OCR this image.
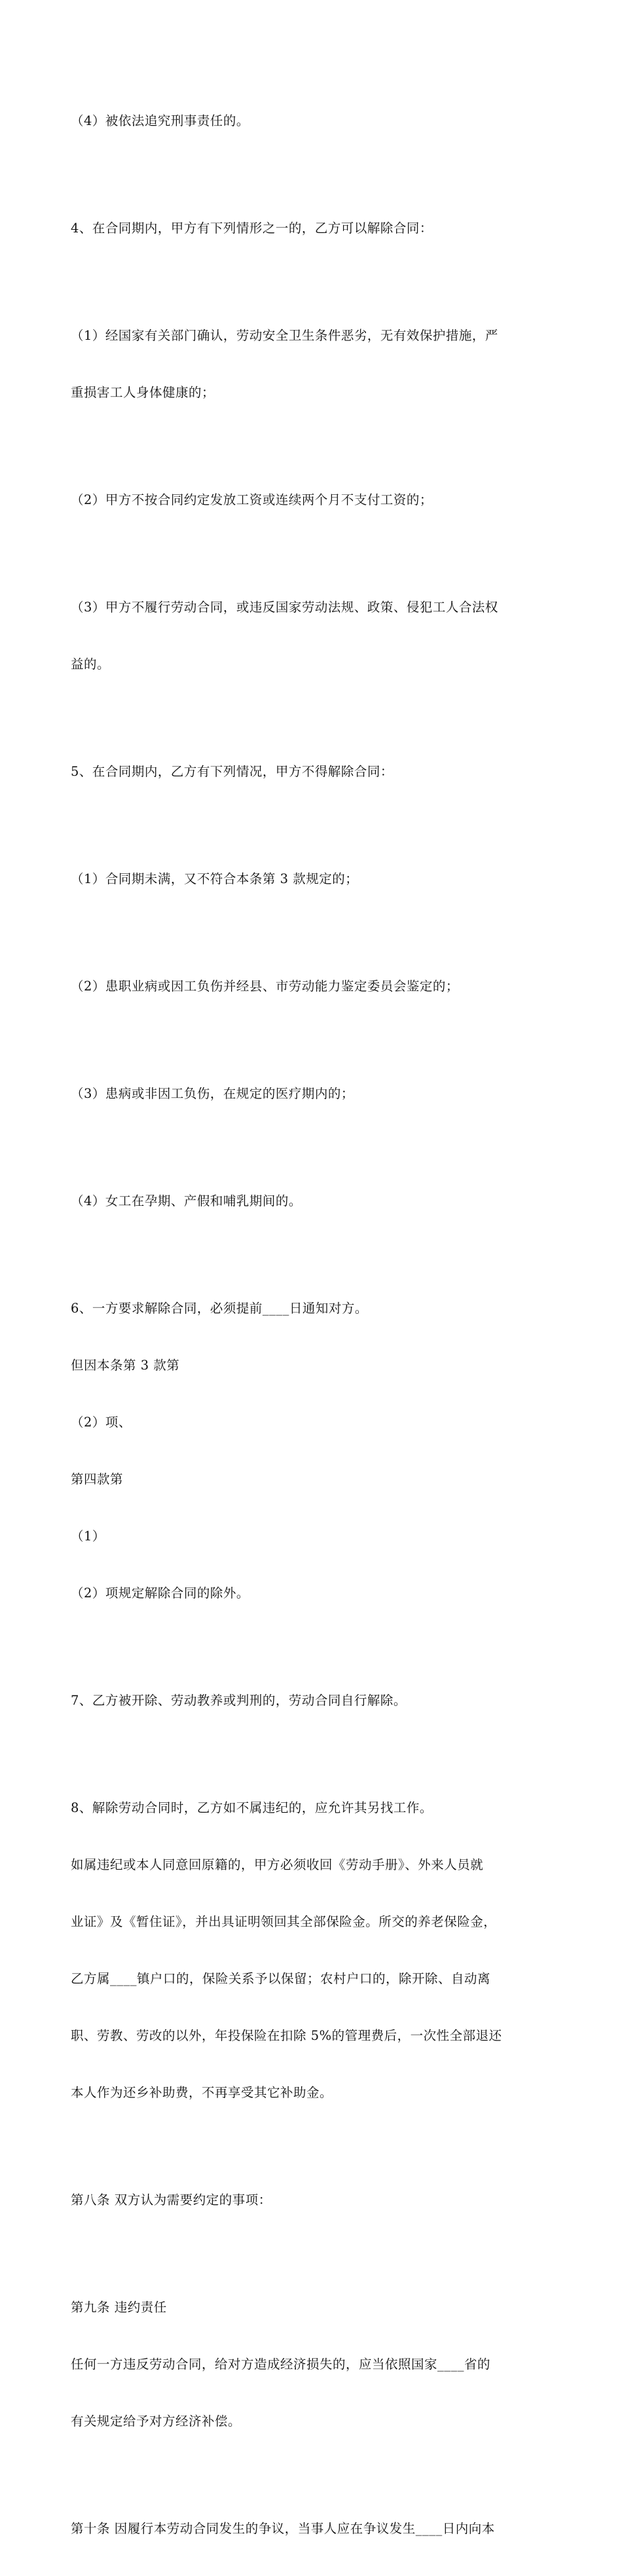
（4）被依法追究刑事责任的。

4、在合同期内，甲方有下列情形之一的，乙方可以解除合同：

（1）经国家有关部门确认，劳动安全卫生条件恶劣，无有效保护措施，严

重损害工人身体健康的；

（2）甲方不按合同约定发放工资或连续两个月不支付工资的；

（3）甲方不履行劳动合同，或违反国家劳动法规、政策、侵犯工人合法权

益的。

5、在合同期内，乙方有下列情况，甲方不得解除合同：

（1）合同期未满，又不符合本条第 3 款规定的；

（2）患职业病或因工负伤并经县、市劳动能力鉴定委员会鉴定的；

（3）患病或非因工负伤，在规定的医疗期内的；

（4）女工在孕期、产假和哺乳期间的。

6、一方要求解除合同，必须提前____日通知对方。

但因本条第 3 款第

（2）项、

第四款第

（1）

（2）项规定解除合同的除外。

7、乙方被开除、劳动教养或判刑的，劳动合同自行解除。

8、解除劳动合同时，乙方如不属违纪的，应允许其另找工作。

如属违纪或本人同意回原籍的，甲方必须收回《劳动手册》、外来人员就

业证》及《暂住证》，并出具证明领回其全部保险金。所交的养老保险金，

乙方属____镇户口的，保险关系予以保留；农村户口的，除开除、自动离

职、劳教、劳改的以外，年投保险在扣除 5%的管理费后，一次性全部退还

本人作为还乡补助费，不再享受其它补助金。

第八条 双方认为需要约定的事项：

第九条 违约责任

任何一方违反劳动合同，给对方造成经济损失的，应当依照国家____省的

有关规定给予对方经济补偿。

第十条 因履行本劳动合同发生的争议，当事人应在争议发生____日内向本
